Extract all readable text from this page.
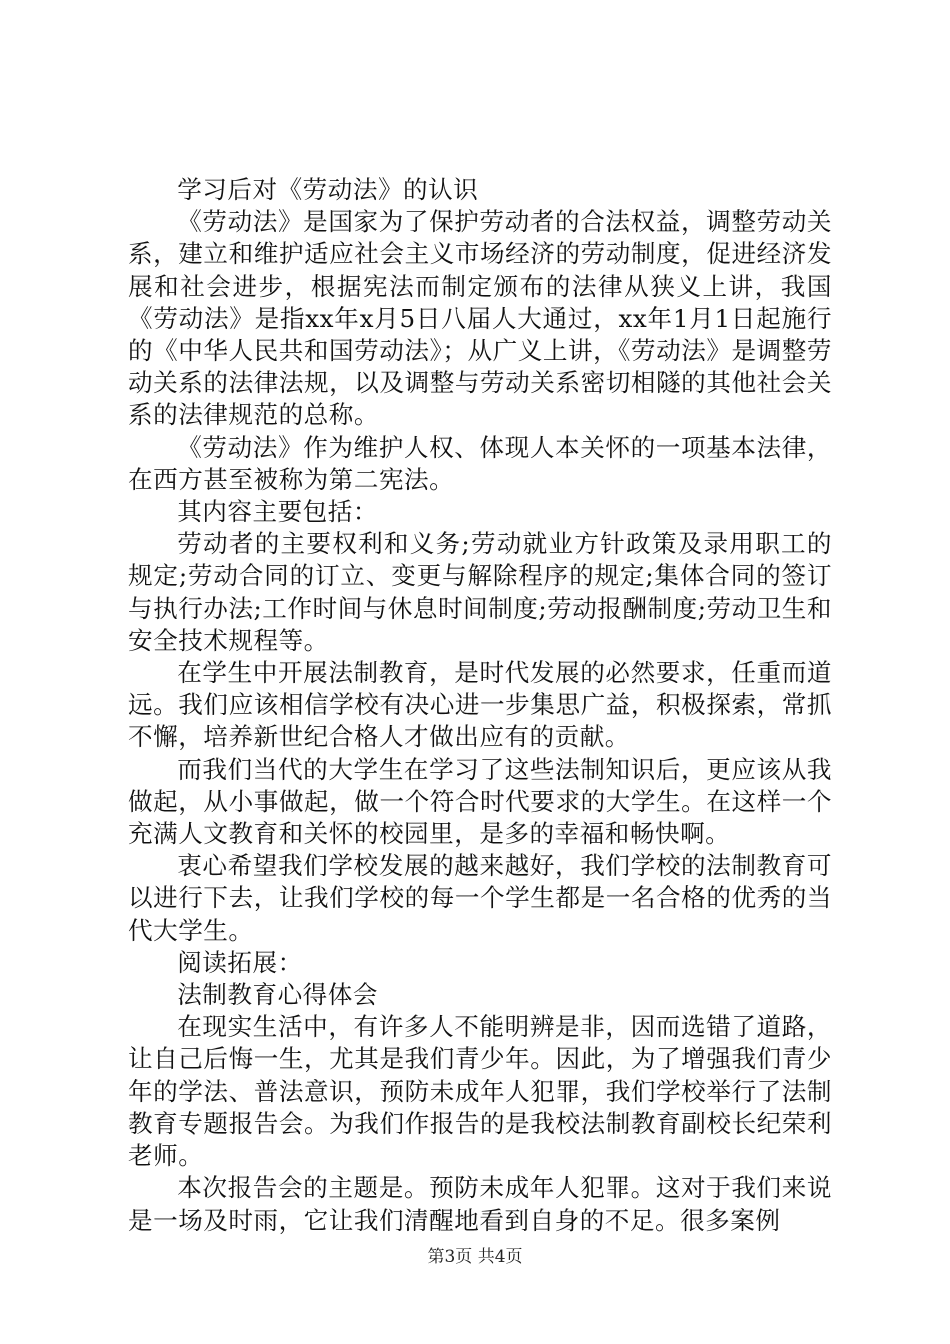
学习后对《劳动法》的认识

《劳动法》是国家为了保护劳动者的合法权益，调整劳动关系，建立和维护适应社会主义市场经济的劳动制度，促进经济发展和社会进步，根据宪法而制定颁布的法律从狭义上讲，我国《劳动法》是指xx年x月5日八届人大通过，xx年1月1日起施行的《中华人民共和国劳动法》；从广义上讲，《劳动法》是调整劳动关系的法律法规，以及调整与劳动关系密切相隧的其他社会关系的法律规范的总称。

《劳动法》作为维护人权、体现人本关怀的一项基本法律，在西方甚至被称为第二宪法。

其内容主要包括：

劳动者的主要权利和义务;劳动就业方针政策及录用职工的规定;劳动合同的订立、变更与解除程序的规定;集体合同的签订与执行办法;工作时间与休息时间制度;劳动报酬制度;劳动卫生和安全技术规程等。

在学生中开展法制教育，是时代发展的必然要求，任重而道远。我们应该相信学校有决心进一步集思广益，积极探索，常抓不懈，培养新世纪合格人才做出应有的贡献。

而我们当代的大学生在学习了这些法制知识后，更应该从我做起，从小事做起，做一个符合时代要求的大学生。在这样一个充满人文教育和关怀的校园里，是多的幸福和畅快啊。

衷心希望我们学校发展的越来越好，我们学校的法制教育可以进行下去，让我们学校的每一个学生都是一名合格的优秀的当代大学生。

阅读拓展：

法制教育心得体会

在现实生活中，有许多人不能明辨是非，因而选错了道路，让自己后悔一生，尤其是我们青少年。因此，为了增强我们青少年的学法、普法意识，预防未成年人犯罪，我们学校举行了法制教育专题报告会。为我们作报告的是我校法制教育副校长纪荣利老师。

本次报告会的主题是。预防未成年人犯罪。这对于我们来说是一场及时雨，它让我们清醒地看到自身的不足。很多案例

第3页 共4页
